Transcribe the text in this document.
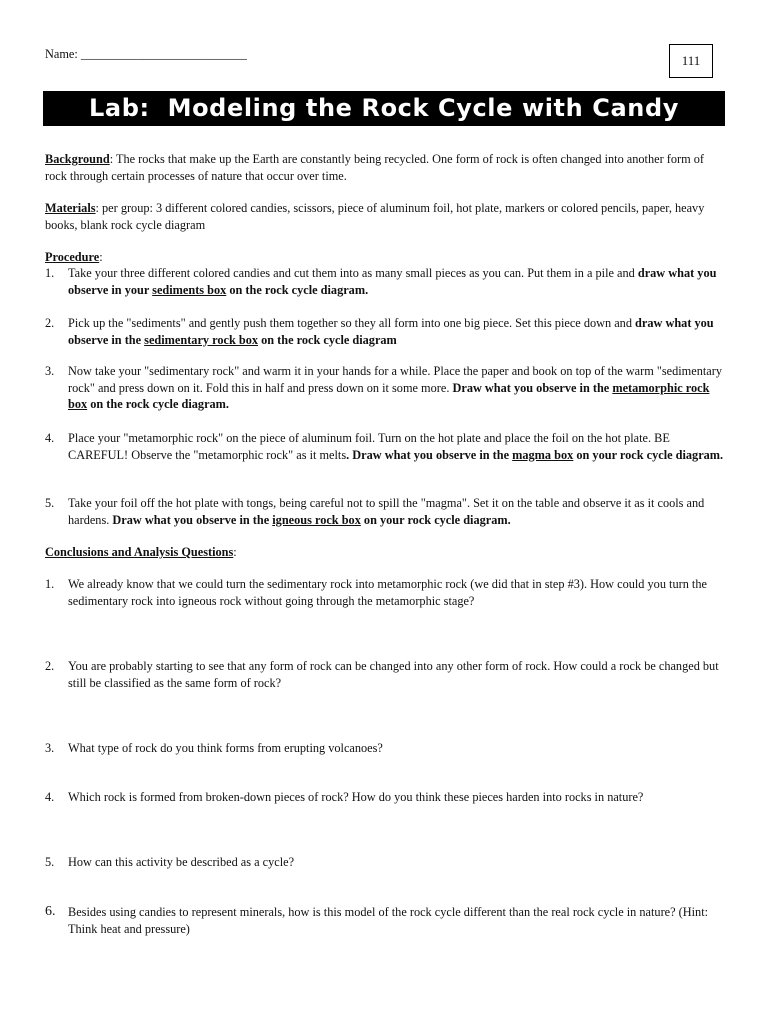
Name: ___________________________	111
Lab:  Modeling the Rock Cycle with Candy
Background: The rocks that make up the Earth are constantly being recycled. One form of rock is often changed into another form of rock through certain processes of nature that occur over time.
Materials: per group: 3 different colored candies, scissors, piece of aluminum foil, hot plate, markers or colored pencils, paper, heavy books, blank rock cycle diagram
Procedure:
1.	Take your three different colored candies and cut them into as many small pieces as you can. Put them in a pile and draw what you observe in your sediments box on the rock cycle diagram.
2.	Pick up the "sediments" and gently push them together so they all form into one big piece. Set this piece down and draw what you observe in the sedimentary rock box on the rock cycle diagram
3.	Now take your "sedimentary rock" and warm it in your hands for a while. Place the paper and book on top of the warm "sedimentary rock" and press down on it. Fold this in half and press down on it some more. Draw what you observe in the metamorphic rock box on the rock cycle diagram.
4.	Place your "metamorphic rock" on the piece of aluminum foil. Turn on the hot plate and place the foil on the hot plate. BE CAREFUL! Observe the "metamorphic rock" as it melts. Draw what you observe in the magma box on your rock cycle diagram.
5.	Take your foil off the hot plate with tongs, being careful not to spill the "magma". Set it on the table and observe it as it cools and hardens. Draw what you observe in the igneous rock box on your rock cycle diagram.
Conclusions and Analysis Questions:
1.	We already know that we could turn the sedimentary rock into metamorphic rock (we did that in step #3). How could you turn the sedimentary rock into igneous rock without going through the metamorphic stage?
2.	You are probably starting to see that any form of rock can be changed into any other form of rock. How could a rock be changed but still be classified as the same form of rock?
3.	What type of rock do you think forms from erupting volcanoes?
4.	Which rock is formed from broken-down pieces of rock? How do you think these pieces harden into rocks in nature?
5.	How can this activity be described as a cycle?
6.	Besides using candies to represent minerals, how is this model of the rock cycle different than the real rock cycle in nature? (Hint: Think heat and pressure)
